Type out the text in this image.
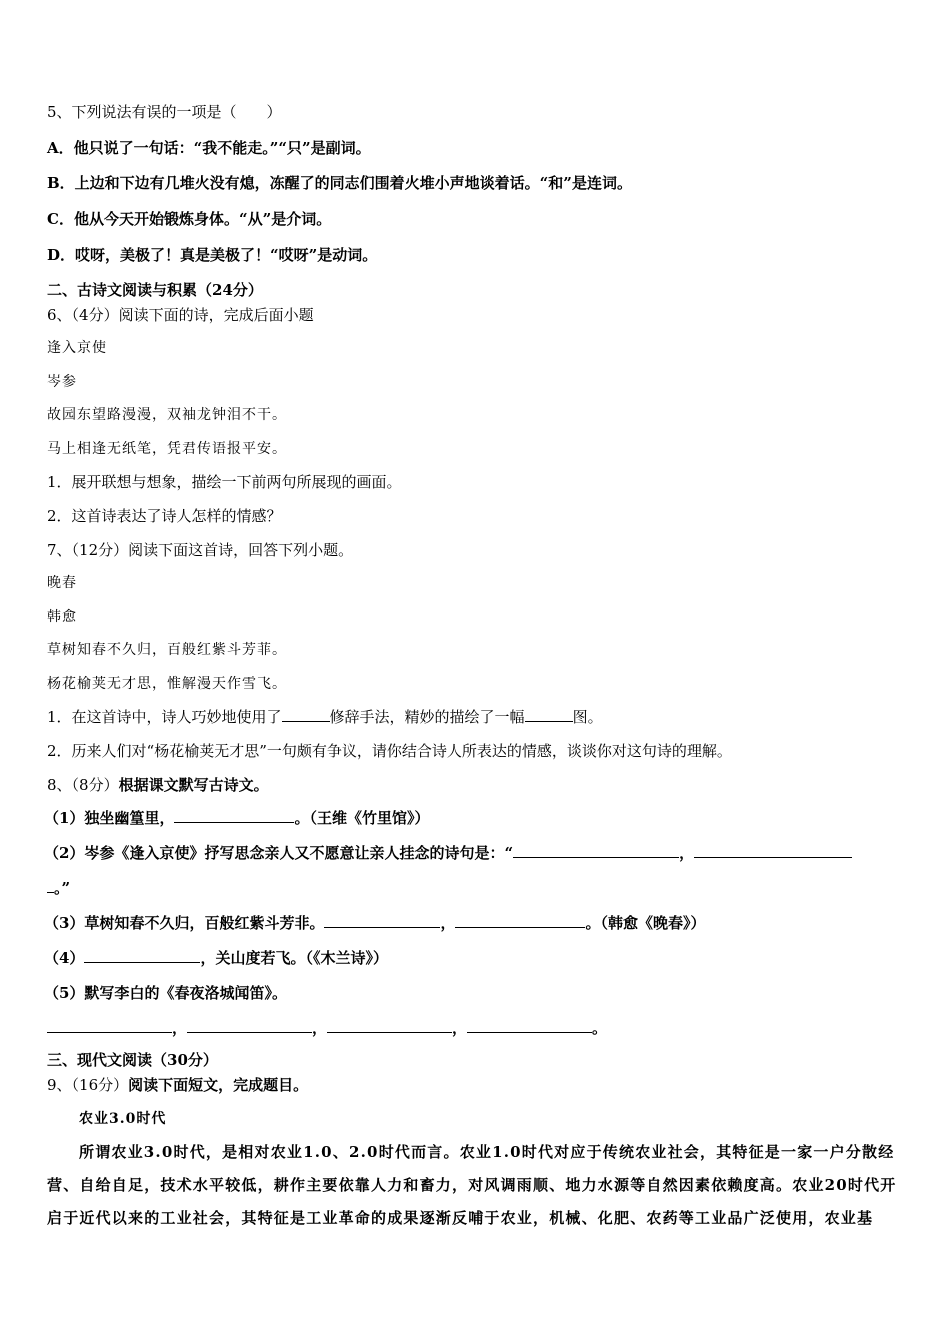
5、下列说法有误的一项是（　　）
A．他只说了一句话：“我不能走。”“只”是副词。
B．上边和下边有几堆火没有熄，冻醒了的同志们围着火堆小声地谈着话。“和”是连词。
C．他从今天开始锻炼身体。“从”是介词。
D．哎呀，美极了！真是美极了！“哎呀”是动词。
二、古诗文阅读与积累（24分）
6、（4分）阅读下面的诗，完成后面小题
逢入京使
岑参
故园东望路漫漫，双袖龙钟泪不干。
马上相逢无纸笔，凭君传语报平安。
1．展开联想与想象，描绘一下前两句所展现的画面。
2．这首诗表达了诗人怎样的情感？
7、（12分）阅读下面这首诗，回答下列小题。
晚春
韩愈
草树知春不久归，百般红紫斗芳菲。
杨花榆荚无才思，惟解漫天作雪飞。
1．在这首诗中，诗人巧妙地使用了	修辞手法，精妙的描绘了一幅	图。
2．历来人们对“杨花榆荚无才思”一句颇有争议，请你结合诗人所表达的情感，谈谈你对这句诗的理解。
8、（8分）根据课文默写古诗文。
（1）独坐幽篁里，	。（王维《竹里馆》）
（2）岑参《逢入京使》抒写思念亲人又不愿意让亲人挂念的诗句是：“	，
。”
（3）草树知春不久归，百般红紫斗芳非。	，	。（韩愈《晚春》）
（4）	，关山度若飞。（《木兰诗》）
（5）默写李白的《春夜洛城闻笛》。
，	，	，	。
三、现代文阅读（30分）
9、（16分）阅读下面短文，完成题目。
农业3.0时代
所谓农业3.0时代，是相对农业1.0、2.0时代而言。农业1.0时代对应于传统农业社会，其特征是一家一户分散经营、自给自足，技术水平较低，耕作主要依靠人力和畜力，对风调雨顺、地力水源等自然因素依赖度高。农业20时代开启于近代以来的工业社会，其特征是工业革命的成果逐渐反哺于农业，机械、化肥、农药等工业品广泛使用，农业基
